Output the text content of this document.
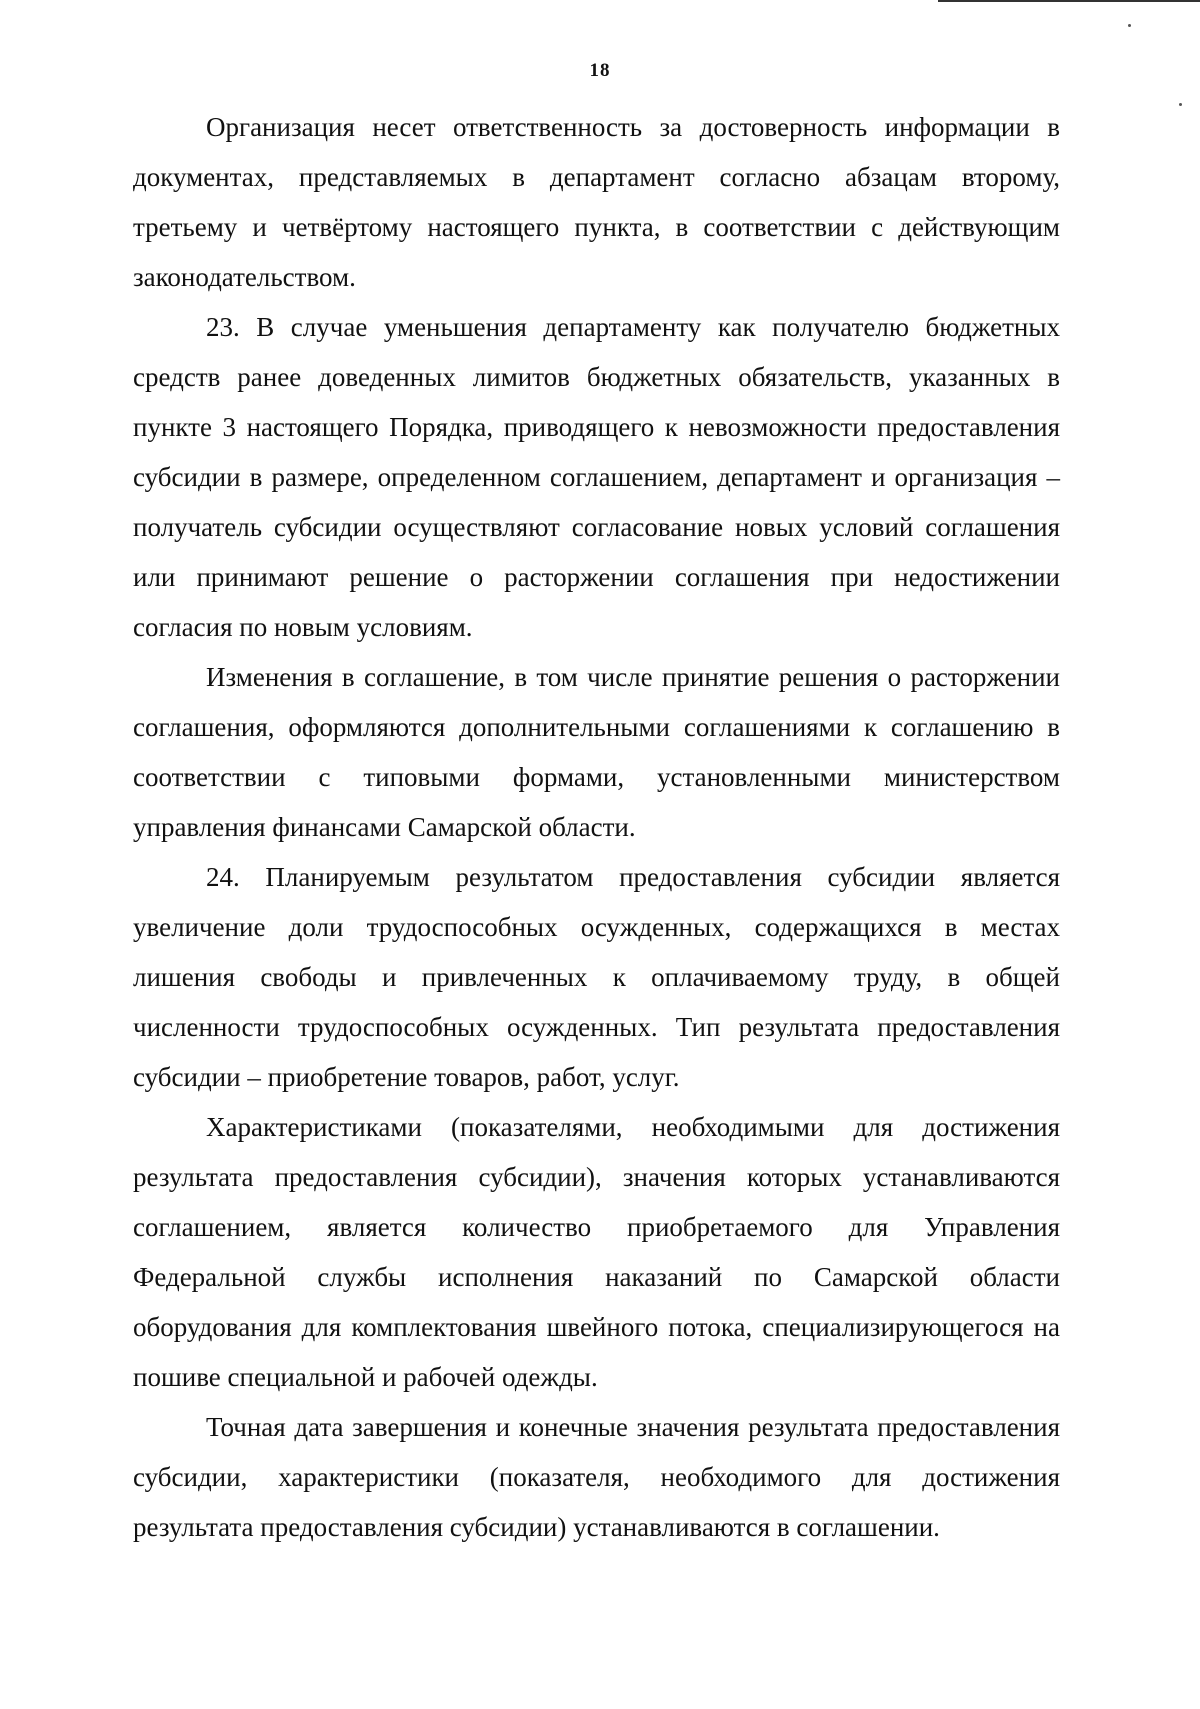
18

Организация несет ответственность за достоверность информации в документах, представляемых в департамент согласно абзацам второму, третьему и четвёртому настоящего пункта, в соответствии с действующим законодательством.

23. В случае уменьшения департаменту как получателю бюджетных средств ранее доведенных лимитов бюджетных обязательств, указанных в пункте 3 настоящего Порядка, приводящего к невозможности предоставления субсидии в размере, определенном соглашением, департамент и организация – получатель субсидии осуществляют согласование новых условий соглашения или принимают решение о расторжении соглашения при недостижении согласия по новым условиям.

Изменения в соглашение, в том числе принятие решения о расторжении соглашения, оформляются дополнительными соглашениями к соглашению в соответствии с типовыми формами, установленными министерством управления финансами Самарской области.

24. Планируемым результатом предоставления субсидии является увеличение доли трудоспособных осужденных, содержащихся в местах лишения свободы и привлеченных к оплачиваемому труду, в общей численности трудоспособных осужденных. Тип результата предоставления субсидии – приобретение товаров, работ, услуг.

Характеристиками (показателями, необходимыми для достижения результата предоставления субсидии), значения которых устанавливаются соглашением, является количество приобретаемого для Управления Федеральной службы исполнения наказаний по Самарской области оборудования для комплектования швейного потока, специализирующегося на пошиве специальной и рабочей одежды.

Точная дата завершения и конечные значения результата предоставления субсидии, характеристики (показателя, необходимого для достижения результата предоставления субсидии) устанавливаются в соглашении.
